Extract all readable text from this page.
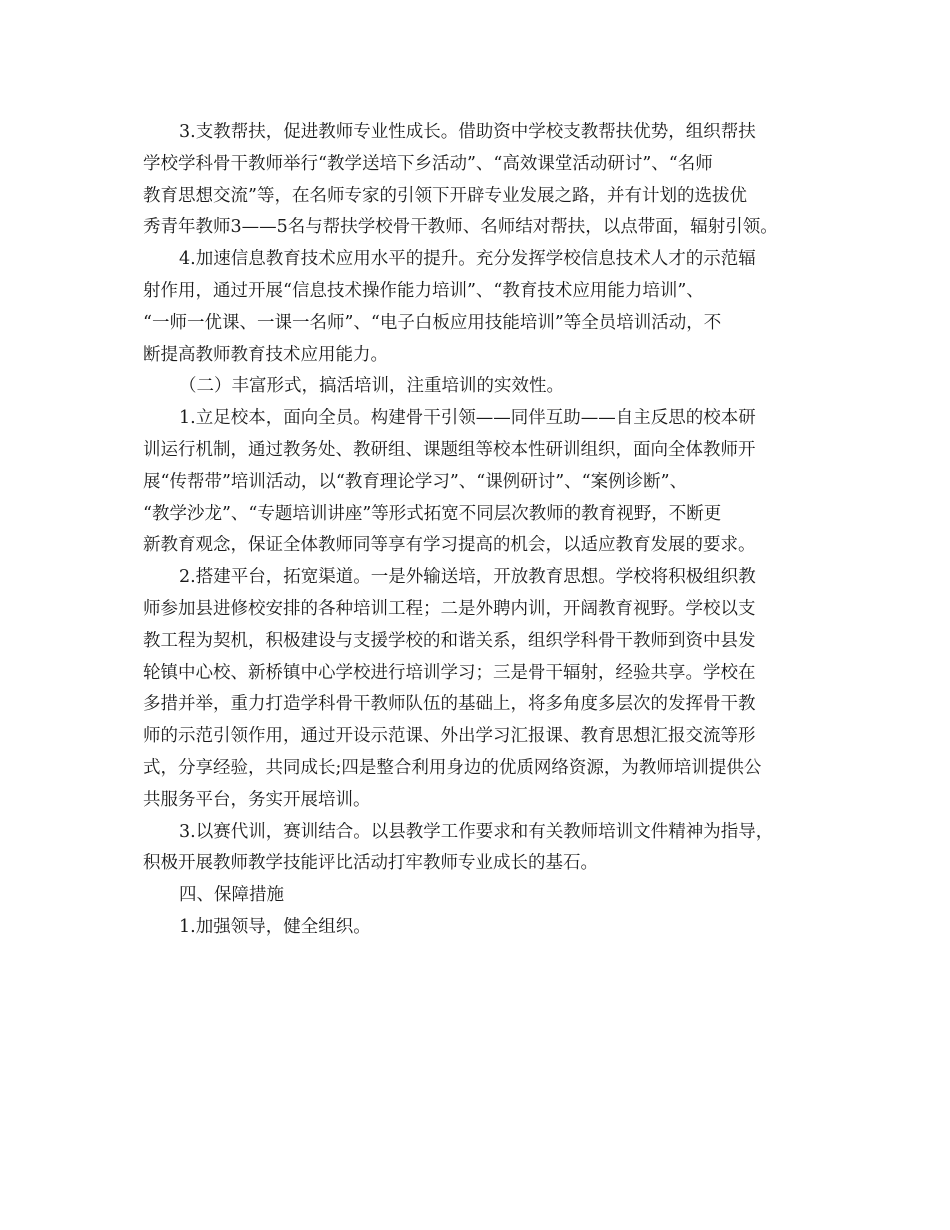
3.支教帮扶，促进教师专业性成长。借助资中学校支教帮扶优势，组织帮扶
学校学科骨干教师举行“教学送培下乡活动”、“高效课堂活动研讨”、“名师
教育思想交流”等，在名师专家的引领下开辟专业发展之路，并有计划的选拔优
秀青年教师3——5名与帮扶学校骨干教师、名师结对帮扶，以点带面，辐射引领。
4.加速信息教育技术应用水平的提升。充分发挥学校信息技术人才的示范辐
射作用，通过开展“信息技术操作能力培训”、“教育技术应用能力培训”、
“一师一优课、一课一名师”、“电子白板应用技能培训”等全员培训活动，不
断提高教师教育技术应用能力。
（二）丰富形式，搞活培训，注重培训的实效性。
1.立足校本，面向全员。构建骨干引领——同伴互助——自主反思的校本研
训运行机制，通过教务处、教研组、课题组等校本性研训组织，面向全体教师开
展“传帮带”培训活动，以“教育理论学习”、“课例研讨”、“案例诊断”、
“教学沙龙”、“专题培训讲座”等形式拓宽不同层次教师的教育视野，不断更
新教育观念，保证全体教师同等享有学习提高的机会，以适应教育发展的要求。
2.搭建平台，拓宽渠道。一是外输送培，开放教育思想。学校将积极组织教
师参加县进修校安排的各种培训工程；二是外聘内训，开阔教育视野。学校以支
教工程为契机，积极建设与支援学校的和谐关系，组织学科骨干教师到资中县发
轮镇中心校、新桥镇中心学校进行培训学习；三是骨干辐射，经验共享。学校在
多措并举，重力打造学科骨干教师队伍的基础上，将多角度多层次的发挥骨干教
师的示范引领作用，通过开设示范课、外出学习汇报课、教育思想汇报交流等形
式，分享经验，共同成长;四是整合利用身边的优质网络资源，为教师培训提供公
共服务平台，务实开展培训。
3.以赛代训，赛训结合。以县教学工作要求和有关教师培训文件精神为指导，
积极开展教师教学技能评比活动打牢教师专业成长的基石。
四、保障措施
1.加强领导，健全组织。
